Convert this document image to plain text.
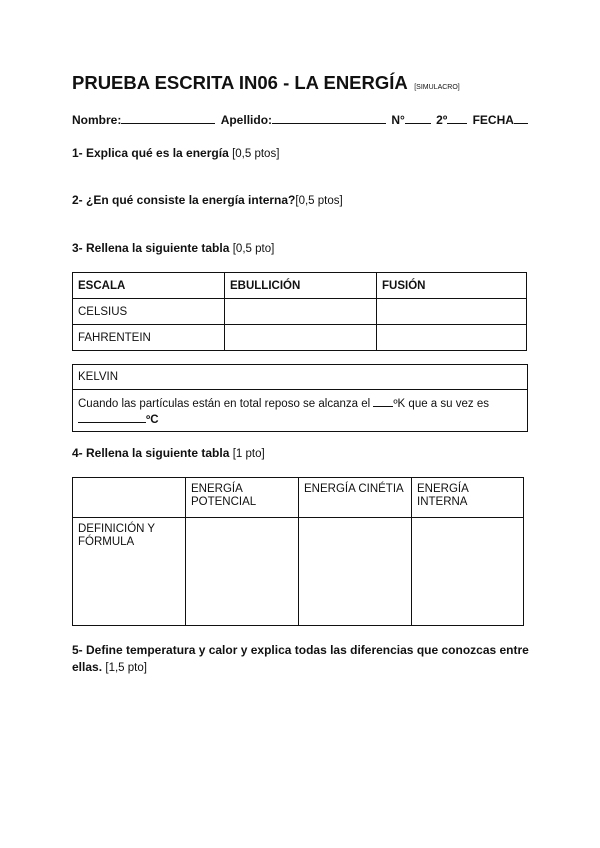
PRUEBA ESCRITA IN06 - LA ENERGÍA [SIMULACRO]
Nombre:	Apellido:	N°	2º FECHA
1- Explica qué es la energía [0,5 ptos]
2- ¿En qué consiste la energía interna?[0,5 ptos]
3- Rellena la siguiente tabla [0,5 pto]
ESCALA	EBULLICIÓN	FUSIÓN
CELSIUS		
FAHRENTEIN		
KELVIN
Cuando las partículas están en total reposo se alcanza el ºK que a su vez es
ºC
4- Rellena la siguiente tabla [1 pto]
	ENERGÍA POTENCIAL	ENERGÍA CINÉTIA	ENERGÍA INTERNA
DEFINICIÓN Y FÓRMULA			
5- Define temperatura y calor y explica todas las diferencias que conozcas entre ellas. [1,5 pto]
